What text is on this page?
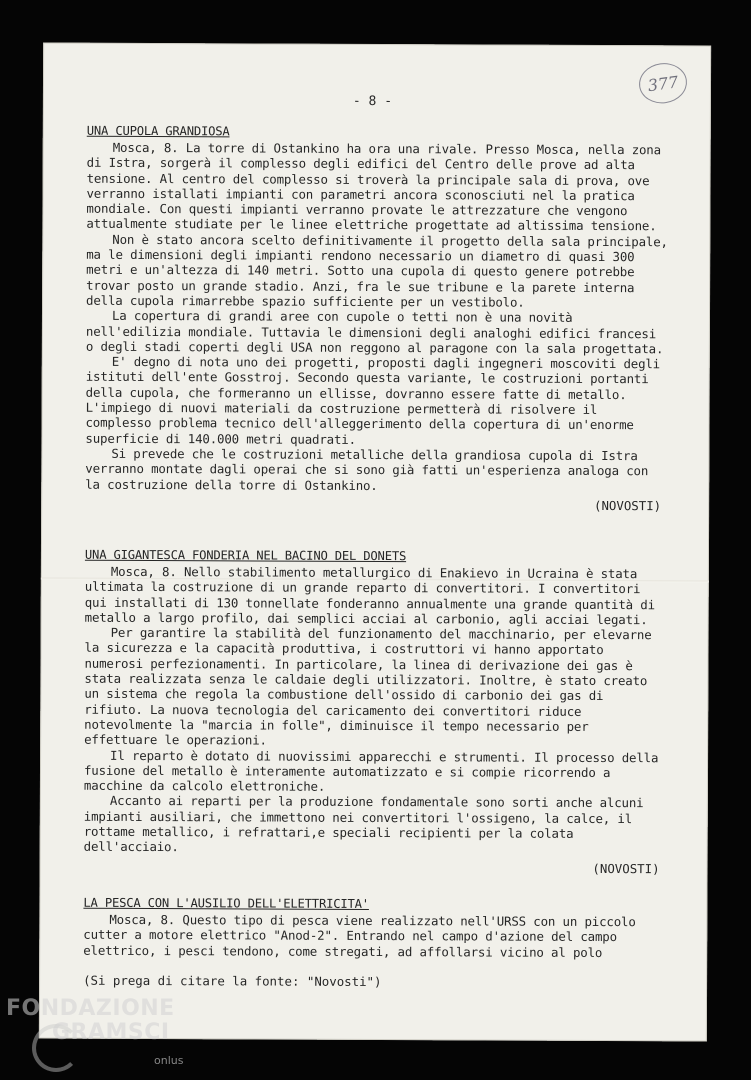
- 8 -
377
UNA CUPOLA GRANDIOSA

Mosca, 8. La torre di Ostankino ha ora una rivale. Presso Mosca, nella zona di Istra, sorgerà il complesso degli edifici del Centro delle prove ad alta tensione. Al centro del complesso si troverà la principale sala di prova, ove verranno istallati impianti con parametri ancora sconosciuti nel la pratica mondiale. Con questi impianti verranno provate le attrezzature che vengono attualmente studiate per le linee elettriche progettate ad altissima tensione.

Non è stato ancora scelto definitivamente il progetto della sala principale, ma le dimensioni degli impianti rendono necessario un diametro di quasi 300 metri e un'altezza di 140 metri. Sotto una cupola di questo genere potrebbe trovar posto un grande stadio. Anzi, fra le sue tribune e la parete interna della cupola rimarrebbe spazio sufficiente per un vestibolo.

La copertura di grandi aree con cupole o tetti non è una novità nell'edilizia mondiale. Tuttavia le dimensioni degli analoghi edifici francesi o degli stadi coperti degli USA non reggono al paragone con la sala progettata.

E' degno di nota uno dei progetti, proposti dagli ingegneri moscoviti degli istituti dell'ente Gosstroj. Secondo questa variante, le costruzioni portanti della cupola, che formeranno un ellisse, dovranno essere fatte di metallo. L'impiego di nuovi materiali da costruzione permetterà di risolvere il complesso problema tecnico dell'alleggerimento della copertura di un'enorme superficie di 140.000 metri quadrati.

Si prevede che le costruzioni metalliche della grandiosa cupola di Istra verranno montate dagli operai che si sono già fatti un'esperienza analoga con la costruzione della torre di Ostankino.

(NOVOSTI)
UNA GIGANTESCA FONDERIA NEL BACINO DEL DONETS

Mosca, 8. Nello stabilimento metallurgico di Enakievo in Ucraina è stata ultimata la costruzione di un grande reparto di convertitori. I convertitori qui installati di 130 tonnellate fonderanno annualmente una grande quantità di metallo a largo profilo, dai semplici acciai al carbonio, agli acciai legati.

Per garantire la stabilità del funzionamento del macchinario, per elevarne la sicurezza e la capacità produttiva, i costruttori vi hanno apportato numerosi perfezionamenti. In particolare, la linea di derivazione dei gas è stata realizzata senza le caldaie degli utilizzatori. Inoltre, è stato creato un sistema che regola la combustione dell'ossido di carbonio dei gas di rifiuto. La nuova tecnologia del caricamento dei convertitori riduce notevolmente la "marcia in folle", diminuisce il tempo necessario per effettuare le operazioni.

Il reparto è dotato di nuovissimi apparecchi e strumenti. Il processo della fusione del metallo è interamente automatizzato e si compie ricorrendo a macchine da calcolo elettroniche.

Accanto ai reparti per la produzione fondamentale sono sorti anche alcuni impianti ausiliari, che immettono nei convertitori l'ossigeno, la calce, il rottame metallico, i refrattari,e speciali recipienti per la colata dell'acciaio.

(NOVOSTI)
LA PESCA CON L'AUSILIO DELL'ELETTRICITA'

Mosca, 8. Questo tipo di pesca viene realizzato nell'URSS con un piccolo cutter a motore elettrico "Anod-2". Entrando nel campo d'azione del campo elettrico, i pesci tendono, come stregati, ad affollarsi vicino al polo

(Si prega di citare la fonte: "Novosti")
FONDAZIONE
GRAMSCI
onlus
